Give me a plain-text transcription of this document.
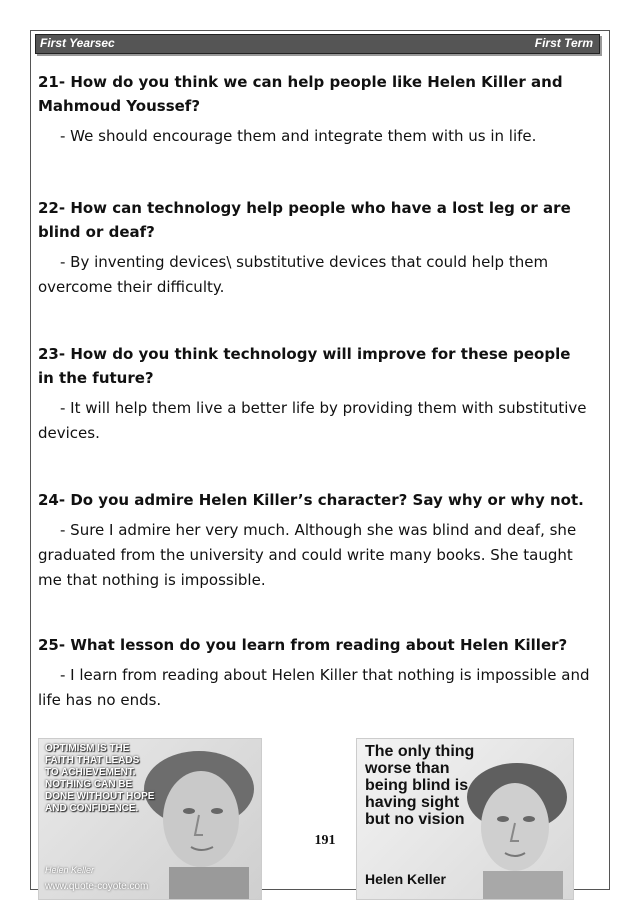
First Yearsec	First Term

21- How do you think we can help people like Helen Killer and Mahmoud Youssef?

- We should encourage them and integrate them with us in life.

22- How can technology help people who have a lost leg or are blind or deaf?

- By inventing devices\ substitutive devices that could help them overcome their difficulty.

23- How do you think technology will improve for these people in the future?

- It will help them live a better life by providing them with substitutive devices.

24- Do you admire Helen Killer’s character? Say why or why not.

- Sure I admire her very much. Although she was blind and deaf, she graduated from the university and could write many books. She taught me that nothing is impossible.

25- What lesson do you learn from reading about Helen Killer?

- I learn from reading about Helen Killer that nothing is impossible and life has no ends.

OPTIMISM IS THE FAITH THAT LEADS TO ACHIEVEMENT. NOTHING CAN BE DONE WITHOUT HOPE AND CONFIDENCE.
Helen Keller
www.quote-coyote.com
The only thing worse than being blind is having sight but no vision
Helen Keller
191
